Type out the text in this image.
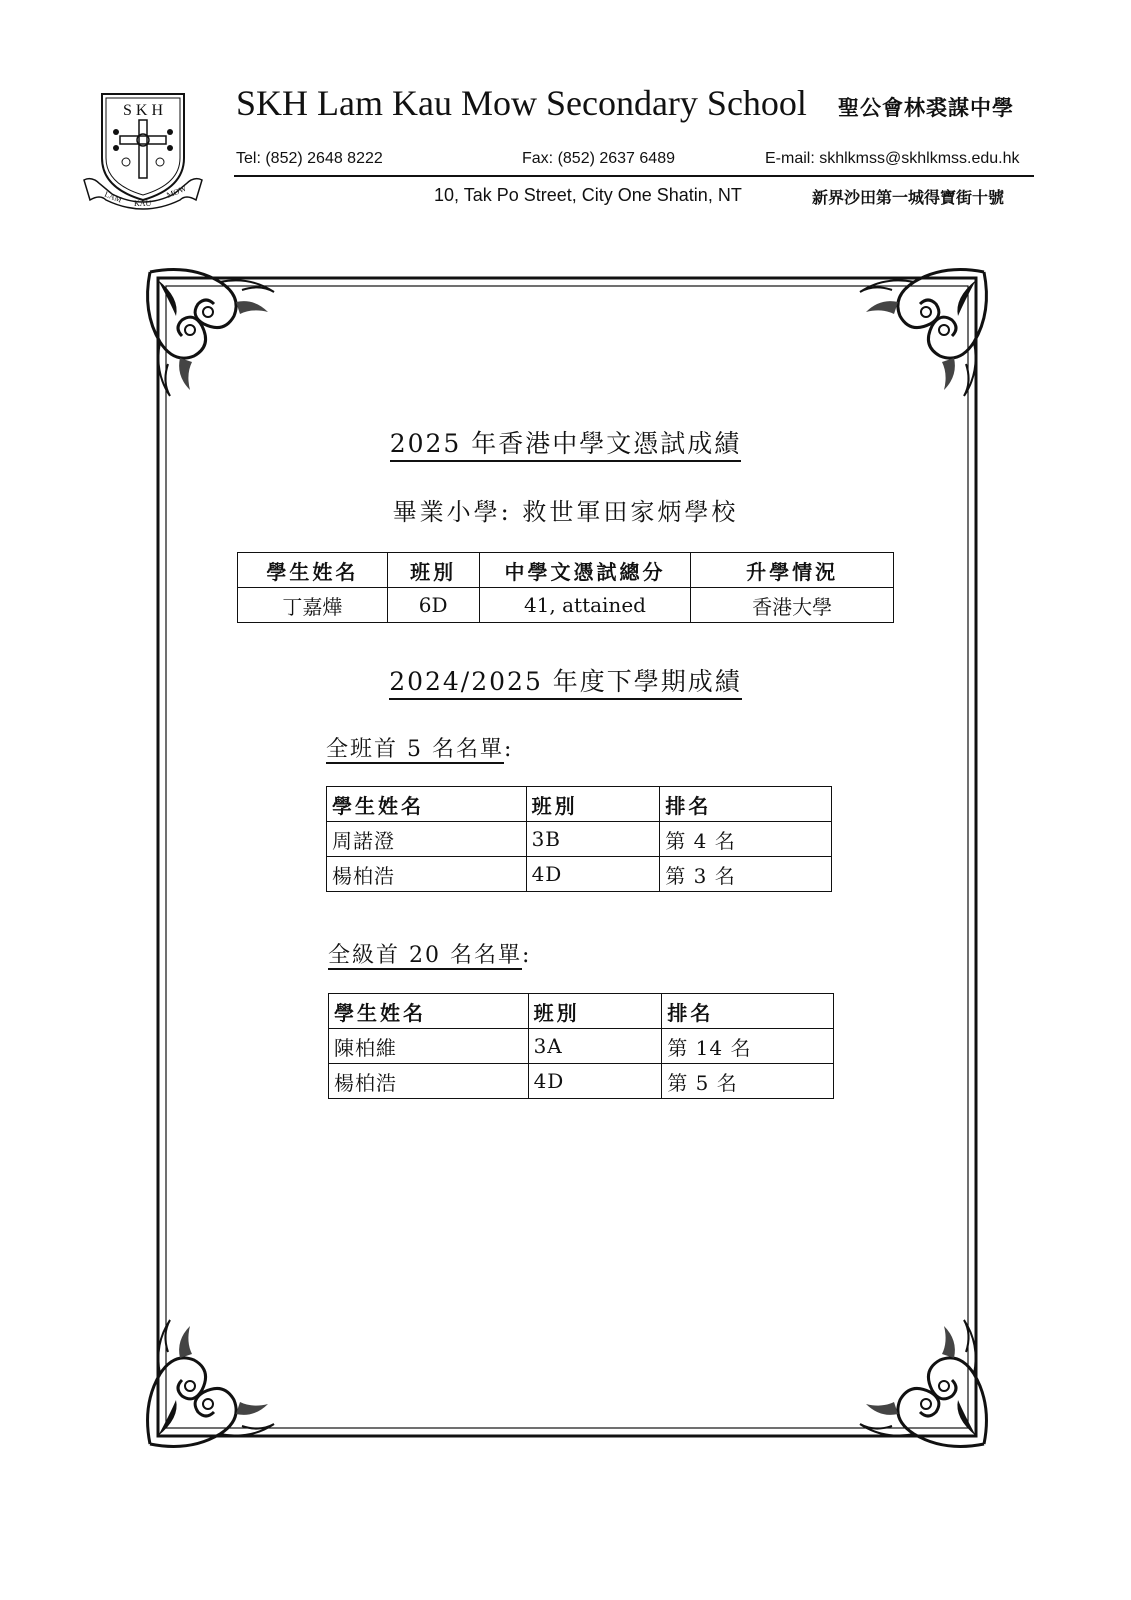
S K H
LAM KAU
MOW
SKH Lam Kau Mow Secondary School 聖公會林裘謀中學
Tel: (852) 2648 8222	Fax: (852) 2637 6489	E-mail: skhlkmss@skhlkmss.edu.hk
10, Tak Po Street, City One Shatin, NT	新界沙田第一城得寶街十號
2025 年香港中學文憑試成績
畢業小學: 救世軍田家炳學校
學生姓名	班別	中學文憑試總分	升學情況
丁嘉燁	6D	41, attained	香港大學
2024/2025 年度下學期成績
全班首 5 名名單:
學生姓名	班別	排名
周諾澄	3B	第 4 名
楊柏浩	4D	第 3 名
全級首 20 名名單:
學生姓名	班別	排名
陳柏維	3A	第 14 名
楊柏浩	4D	第 5 名
